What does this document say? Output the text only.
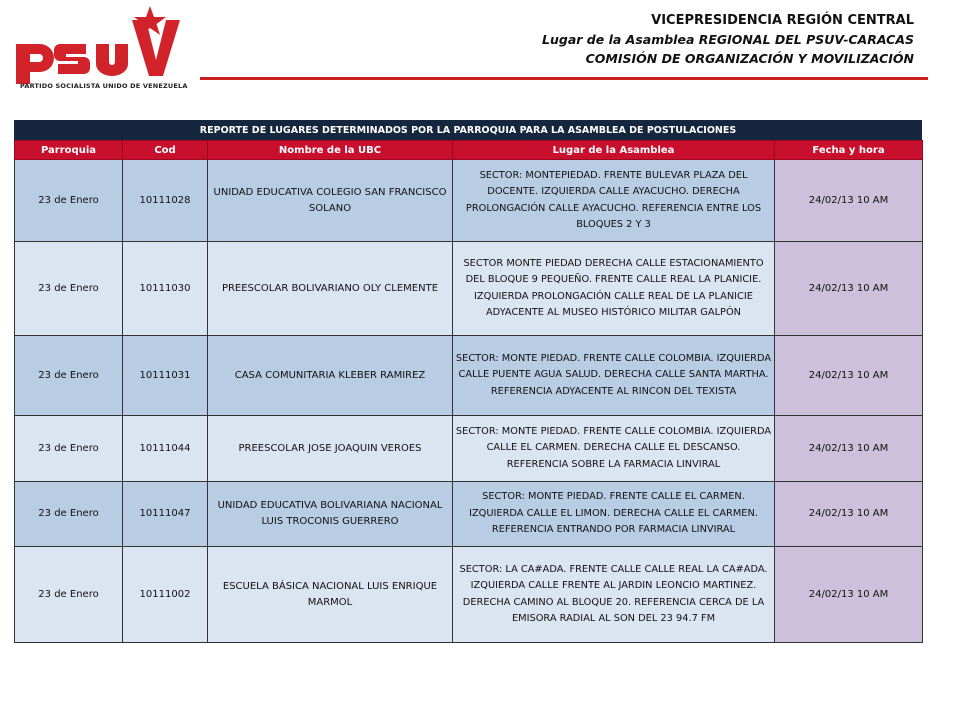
PARTIDO SOCIALISTA UNIDO DE VENEZUELA
VICEPRESIDENCIA REGIÓN CENTRAL
Lugar de la Asamblea REGIONAL DEL PSUV-CARACAS
COMISIÓN DE ORGANIZACIÓN Y MOVILIZACIÓN
REPORTE DE LUGARES DETERMINADOS POR LA PARROQUIA PARA LA ASAMBLEA DE POSTULACIONES
Parroquia	Cod	Nombre de la UBC	Lugar de la Asamblea	Fecha y hora
23 de Enero	10111028	UNIDAD EDUCATIVA COLEGIO SAN FRANCISCO SOLANO	SECTOR: MONTEPIEDAD. FRENTE BULEVAR PLAZA DEL DOCENTE. IZQUIERDA CALLE AYACUCHO. DERECHA PROLONGACIÓN CALLE AYACUCHO. REFERENCIA ENTRE LOS BLOQUES 2 Y 3	24/02/13 10 AM
23 de Enero	10111030	PREESCOLAR BOLIVARIANO OLY CLEMENTE	SECTOR MONTE PIEDAD DERECHA CALLE ESTACIONAMIENTO DEL BLOQUE 9 PEQUEÑO. FRENTE CALLE REAL LA PLANICIE. IZQUIERDA PROLONGACIÓN CALLE REAL DE LA PLANICIE ADYACENTE AL MUSEO HISTÓRICO MILITAR GALPÓN	24/02/13 10 AM
23 de Enero	10111031	CASA COMUNITARIA KLEBER RAMIREZ	SECTOR: MONTE PIEDAD. FRENTE CALLE COLOMBIA. IZQUIERDA CALLE PUENTE AGUA SALUD. DERECHA CALLE SANTA MARTHA. REFERENCIA ADYACENTE AL RINCON DEL TEXISTA	24/02/13 10 AM
23 de Enero	10111044	PREESCOLAR JOSE JOAQUIN VEROES	SECTOR: MONTE PIEDAD. FRENTE CALLE COLOMBIA. IZQUIERDA CALLE EL CARMEN. DERECHA CALLE EL DESCANSO. REFERENCIA SOBRE LA FARMACIA LINVIRAL	24/02/13 10 AM
23 de Enero	10111047	UNIDAD EDUCATIVA BOLIVARIANA NACIONAL LUIS TROCONIS GUERRERO	SECTOR: MONTE PIEDAD. FRENTE CALLE EL CARMEN. IZQUIERDA CALLE EL LIMON. DERECHA CALLE EL CARMEN. REFERENCIA ENTRANDO POR FARMACIA LINVIRAL	24/02/13 10 AM
23 de Enero	10111002	ESCUELA BÁSICA NACIONAL LUIS ENRIQUE MARMOL	SECTOR: LA CA#ADA. FRENTE CALLE CALLE REAL LA CA#ADA. IZQUIERDA CALLE FRENTE AL JARDIN LEONCIO MARTINEZ. DERECHA CAMINO AL BLOQUE 20. REFERENCIA CERCA DE LA EMISORA RADIAL AL SON DEL 23 94.7 FM	24/02/13 10 AM
